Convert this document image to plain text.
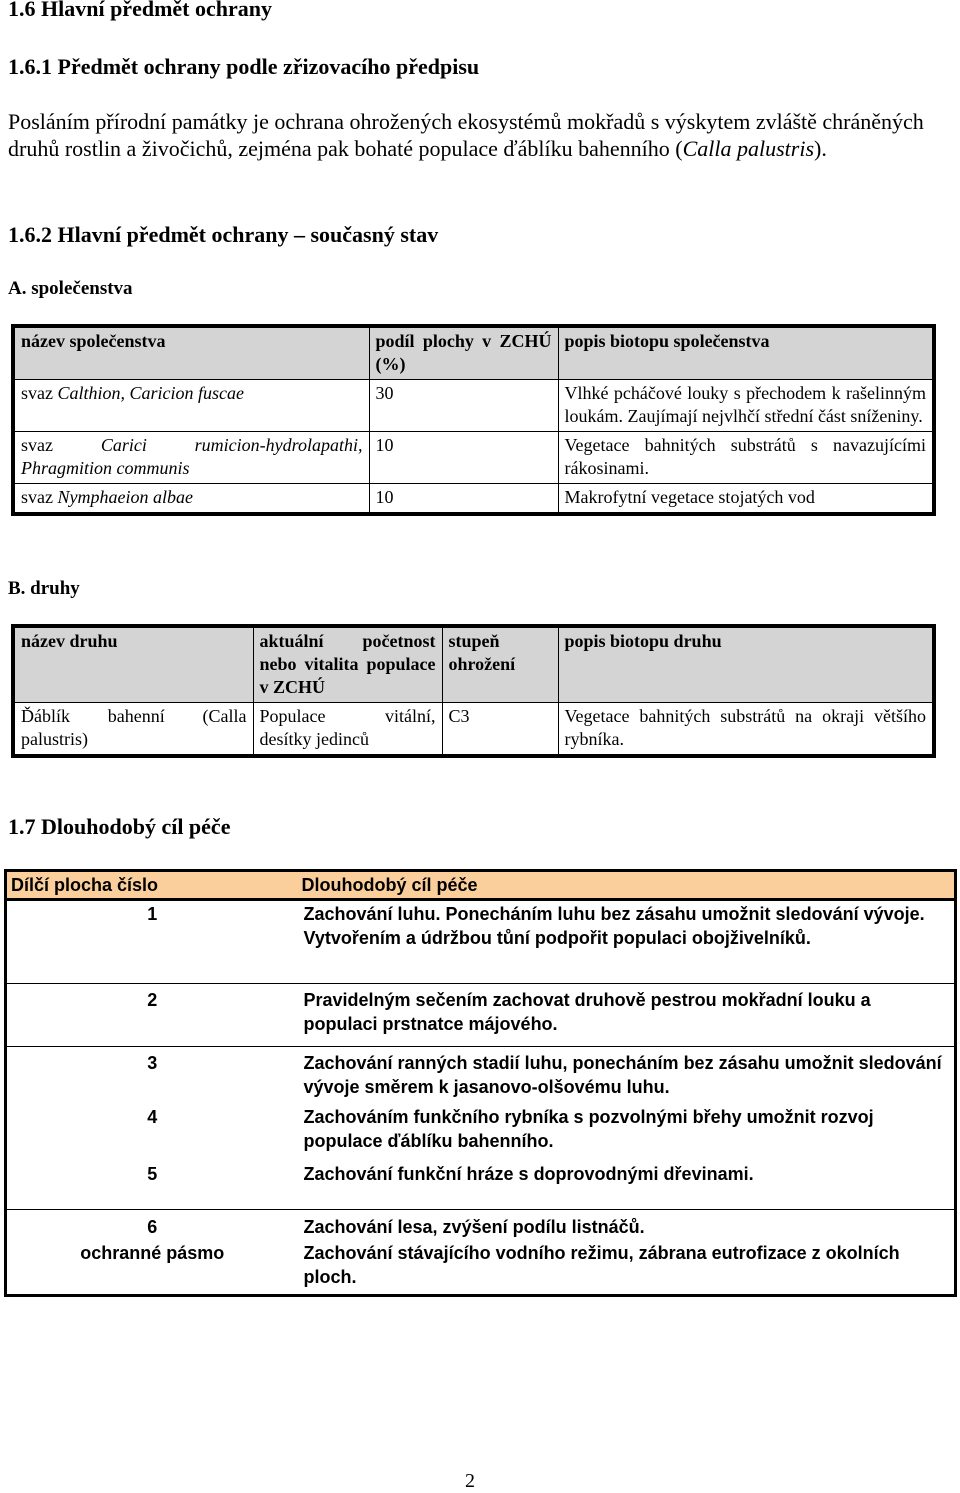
1.6 Hlavní předmět ochrany
1.6.1 Předmět ochrany podle zřizovacího předpisu
Posláním přírodní památky je ochrana ohrožených ekosystémů mokřadů s výskytem zvláště chráněných druhů rostlin a živočichů, zejména pak bohaté populace ďáblíku bahenního (Calla palustris).
1.6.2 Hlavní předmět ochrany – současný stav
A. společenstva
název společenstva	podíl plochy v ZCHÚ (%)	popis biotopu společenstva
svaz Calthion, Caricion fuscae	30	Vlhké pcháčové louky s přechodem k rašelinným loukám. Zaujímají nejvlhčí střední část sníženiny.
svaz Carici rumicion-hydrolapathi, Phragmition communis	10	Vegetace bahnitých substrátů s navazujícími rákosinami.
svaz Nymphaeion albae	10	Makrofytní vegetace stojatých vod
B. druhy
název druhu	aktuální početnost nebo vitalita populace v ZCHÚ	stupeň ohrožení	popis biotopu druhu
Ďáblík bahenní (Calla palustris)	Populace vitální, desítky jedinců	C3	Vegetace bahnitých substrátů na okraji většího rybníka.
1.7 Dlouhodobý cíl péče
Dílčí plocha číslo	Dlouhodobý cíl péče
1	Zachování luhu. Ponecháním luhu bez zásahu umožnit sledování vývoje. Vytvořením a údržbou tůní podpořit populaci obojživelníků.
2	Pravidelným sečením zachovat druhově pestrou mokřadní louku a populaci prstnatce májového.
3	Zachování ranných stadií luhu, ponecháním bez zásahu umožnit sledování vývoje směrem k jasanovo-olšovému luhu.
4	Zachováním funkčního rybníka s pozvolnými břehy umožnit rozvoj populace ďáblíku bahenního.
5	Zachování funkční hráze s doprovodnými dřevinami.
6	Zachování lesa, zvýšení podílu listnáčů.
ochranné pásmo	Zachování stávajícího vodního režimu, zábrana eutrofizace z okolních ploch.
2
